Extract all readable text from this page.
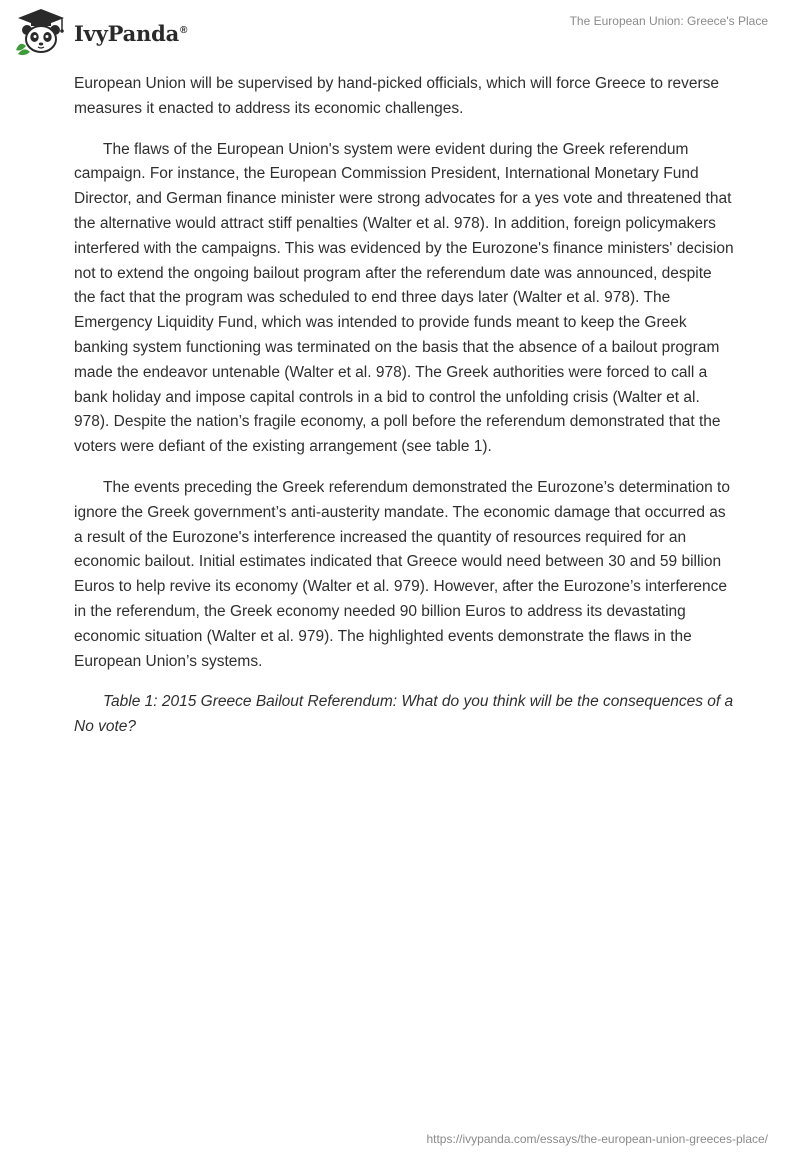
IvyPanda®
The European Union: Greece's Place

European Union will be supervised by hand-picked officials, which will force Greece to reverse measures it enacted to address its economic challenges.

The flaws of the European Union's system were evident during the Greek referendum campaign. For instance, the European Commission President, International Monetary Fund Director, and German finance minister were strong advocates for a yes vote and threatened that the alternative would attract stiff penalties (Walter et al. 978). In addition, foreign policymakers interfered with the campaigns. This was evidenced by the Eurozone's finance ministers' decision not to extend the ongoing bailout program after the referendum date was announced, despite the fact that the program was scheduled to end three days later (Walter et al. 978). The Emergency Liquidity Fund, which was intended to provide funds meant to keep the Greek banking system functioning was terminated on the basis that the absence of a bailout program made the endeavor untenable (Walter et al. 978). The Greek authorities were forced to call a bank holiday and impose capital controls in a bid to control the unfolding crisis (Walter et al. 978). Despite the nation’s fragile economy, a poll before the referendum demonstrated that the voters were defiant of the existing arrangement (see table 1).

The events preceding the Greek referendum demonstrated the Eurozone’s determination to ignore the Greek government’s anti-austerity mandate. The economic damage that occurred as a result of the Eurozone's interference increased the quantity of resources required for an economic bailout. Initial estimates indicated that Greece would need between 30 and 59 billion Euros to help revive its economy (Walter et al. 979). However, after the Eurozone’s interference in the referendum, the Greek economy needed 90 billion Euros to address its devastating economic situation (Walter et al. 979). The highlighted events demonstrate the flaws in the European Union’s systems.

Table 1: 2015 Greece Bailout Referendum: What do you think will be the consequences of a No vote?

https://ivypanda.com/essays/the-european-union-greeces-place/
